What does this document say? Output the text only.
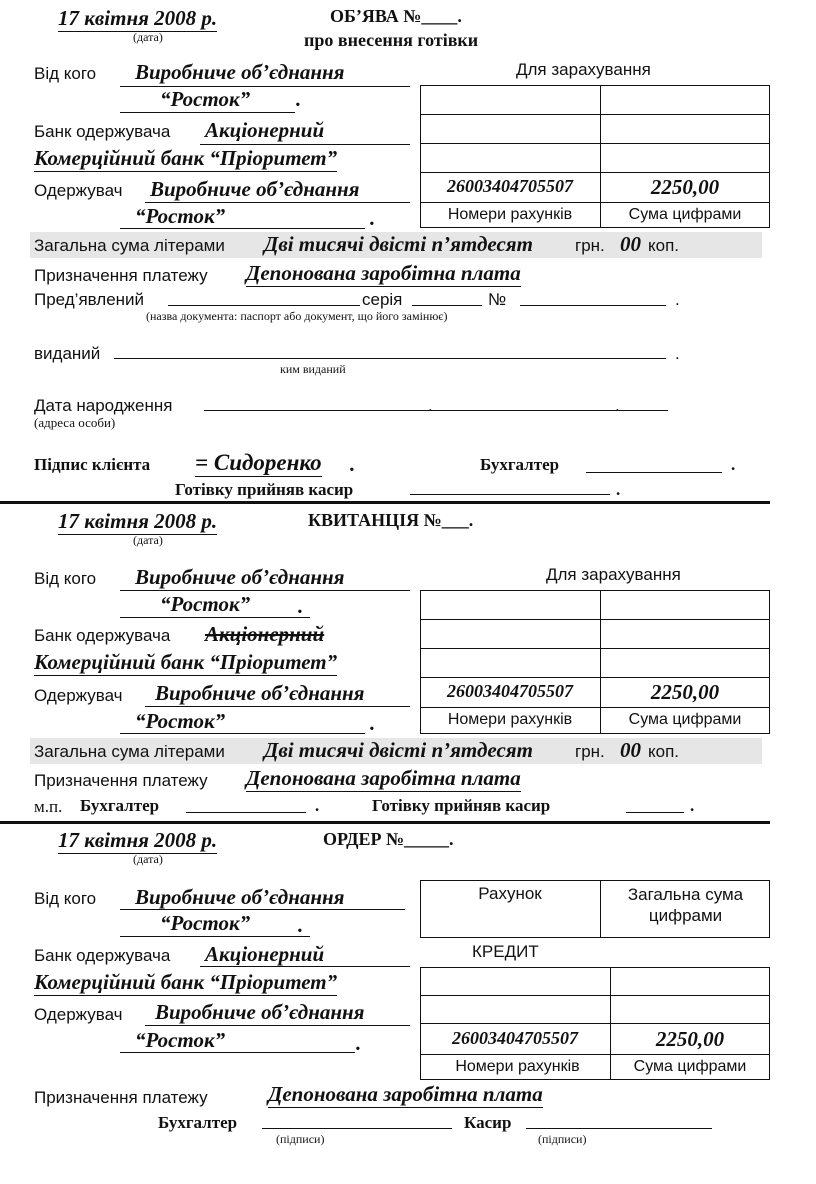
17 квітня 2008 р.
(дата)
ОБ’ЯВА №____.
про внесення готівки
Від кого Виробниче об’єднання
“Росток” .
Для зарахування
Банк одержувача Акціонерний
Комерційний банк “Пріоритет”
Одержувач Виробниче об’єднання
“Росток”	.
26003404705507	2250,00
Номери рахунків	Сума цифрами
Загальна сума літерами Дві тисячі двісті п’ятдесят грн. 00 коп.
Призначення платежу Депонована заробітна плата
Пред’явлений	серія	№	.
(назва документа: паспорт або документ, що його замінює)
виданий	.
ким виданий
Дата народження	.	.
(адреса особи)
Підпис клієнта = Сидоренко .	Бухгалтер	.
Готівку прийняв касир	.
17 квітня 2008 р.
(дата)
КВИТАНЦІЯ №___.
Від кого Виробниче об’єднання
“Росток” .
Для зарахування
Банк одержувача Акціонерний
Комерційний банк “Пріоритет”
Одержувач Виробниче об’єднання
“Росток”	.
26003404705507	2250,00
Номери рахунків	Сума цифрами
Загальна сума літерами Дві тисячі двісті п’ятдесят грн. 00 коп.
Призначення платежу Депонована заробітна плата
м.п. Бухгалтер	.	Готівку прийняв касир	.
17 квітня 2008 р.
(дата)
ОРДЕР №_____.
Від кого Виробниче об’єднання
“Росток” .
Рахунок	Загальна сума цифрами
Банк одержувача Акціонерний	КРЕДИТ
Комерційний банк “Пріоритет”
Одержувач Виробниче об’єднання
“Росток”	.	26003404705507	2250,00
Номери рахунків	Сума цифрами
Призначення платежу	Депонована заробітна плата
Бухгалтер	Касир
(підписи)	(підписи)
